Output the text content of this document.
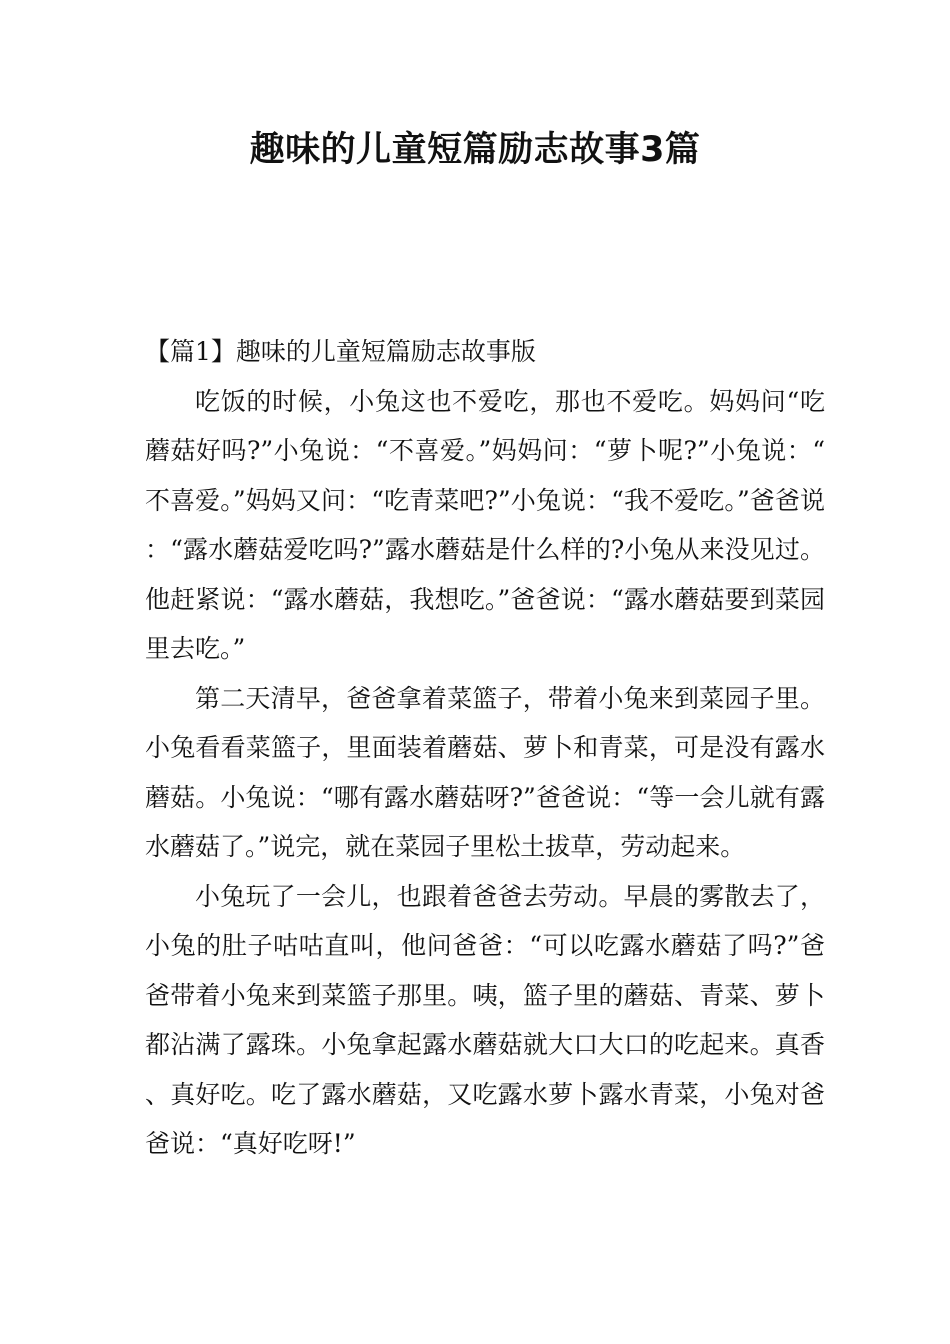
趣味的儿童短篇励志故事3篇

【篇1】趣味的儿童短篇励志故事版

吃饭的时候，小兔这也不爱吃，那也不爱吃。妈妈问“吃蘑菇好吗?”小兔说：“不喜爱。”妈妈问：“萝卜呢?”小兔说：“不喜爱。”妈妈又问：“吃青菜吧?”小兔说：“我不爱吃。”爸爸说：“露水蘑菇爱吃吗?”露水蘑菇是什么样的?小兔从来没见过。他赶紧说：“露水蘑菇，我想吃。”爸爸说：“露水蘑菇要到菜园里去吃。”

第二天清早，爸爸拿着菜篮子，带着小兔来到菜园子里。小兔看看菜篮子，里面装着蘑菇、萝卜和青菜，可是没有露水蘑菇。小兔说：“哪有露水蘑菇呀?”爸爸说：“等一会儿就有露水蘑菇了。”说完，就在菜园子里松土拔草，劳动起来。

小兔玩了一会儿，也跟着爸爸去劳动。早晨的雾散去了，小兔的肚子咕咕直叫，他问爸爸：“可以吃露水蘑菇了吗?”爸爸带着小兔来到菜篮子那里。咦，篮子里的蘑菇、青菜、萝卜都沾满了露珠。小兔拿起露水蘑菇就大口大口的吃起来。真香、真好吃。吃了露水蘑菇，又吃露水萝卜露水青菜，小兔对爸爸说：“真好吃呀!”
